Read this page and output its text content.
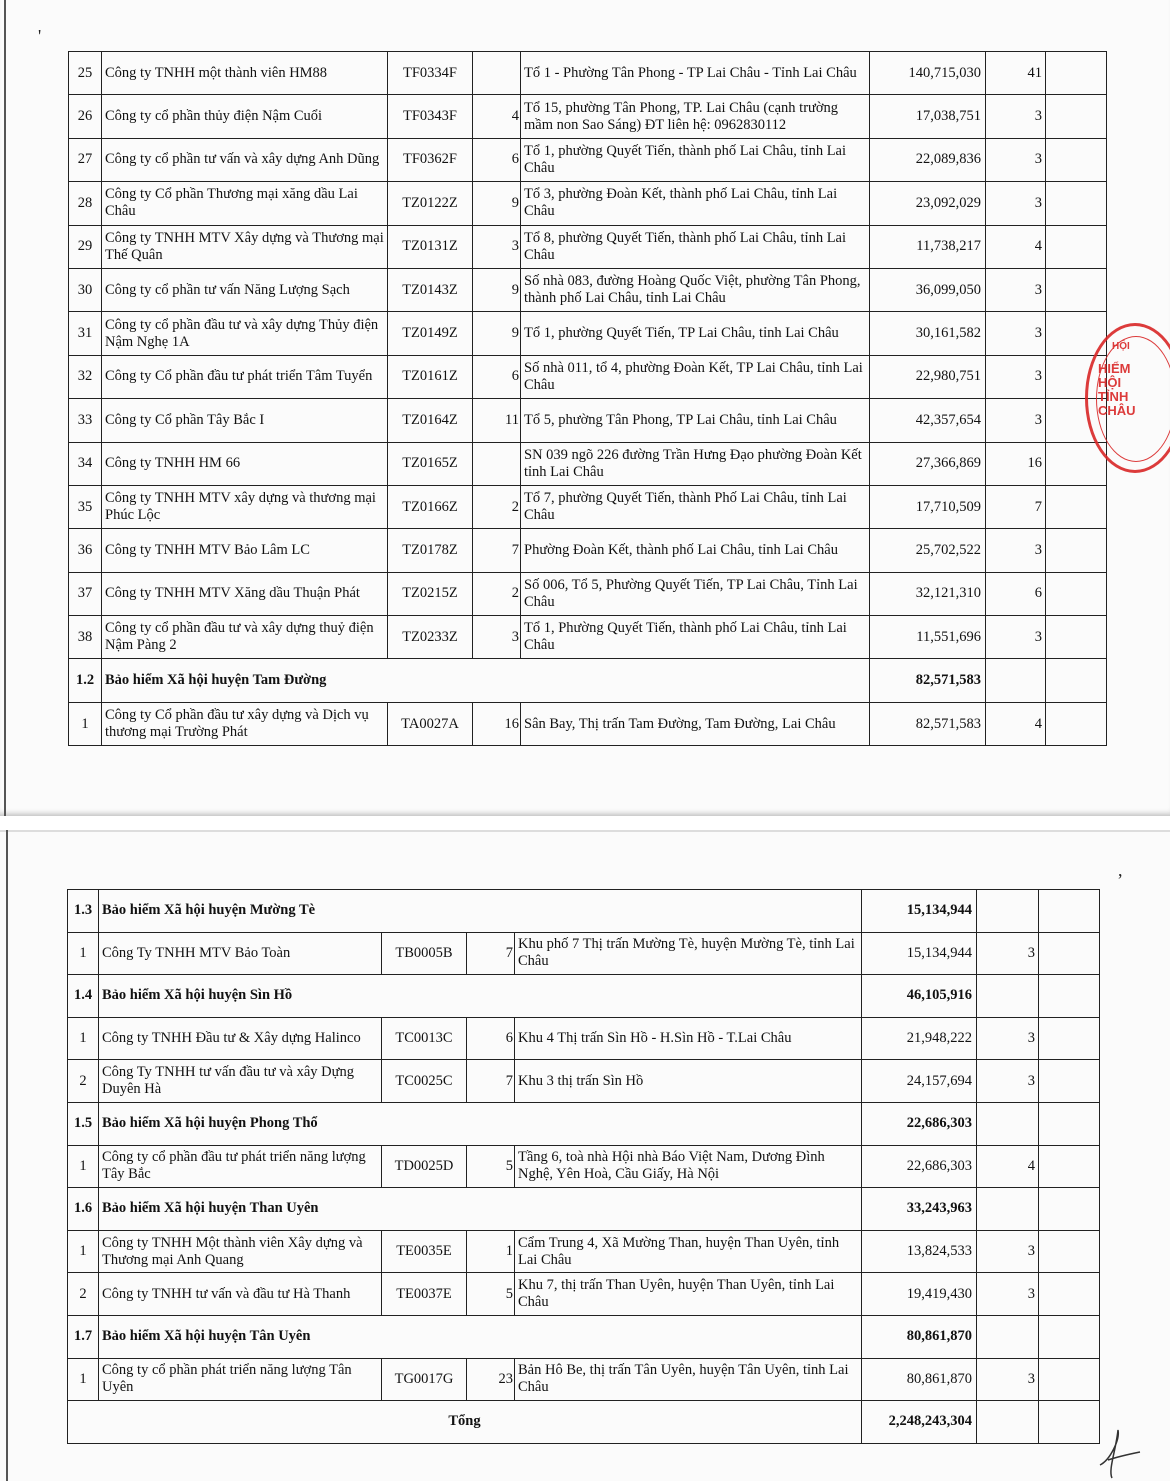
'
,
25	Công ty TNHH một thành viên HM88	TF0334F		Tổ 1 - Phường Tân Phong - TP Lai Châu - Tỉnh Lai Châu	140,715,030	41	
26	Công ty cổ phần thủy điện Nậm Cuổi	TF0343F	4	Tổ 15, phường Tân Phong, TP. Lai Châu (cạnh trường mầm non Sao Sáng) ĐT liên hệ: 0962830112	17,038,751	3	
27	Công ty cổ phần tư vấn và xây dựng Anh Dũng	TF0362F	6	Tổ 1, phường Quyết Tiến, thành phố Lai Châu, tỉnh Lai Châu	22,089,836	3	
28	Công ty Cổ phần Thương mại xăng dầu Lai Châu	TZ0122Z	9	Tổ 3, phường Đoàn Kết, thành phố Lai Châu, tỉnh Lai Châu	23,092,029	3	
29	Công ty TNHH MTV Xây dựng và Thương mại Thế Quân	TZ0131Z	3	Tổ 8, phường Quyết Tiến, thành phố Lai Châu, tỉnh Lai Châu	11,738,217	4	
30	Công ty cổ phần tư vấn Năng Lượng Sạch	TZ0143Z	9	Số nhà 083, đường Hoàng Quốc Việt, phường Tân Phong, thành phố Lai Châu, tỉnh Lai Châu	36,099,050	3	
31	Công ty cổ phần đầu tư và xây dựng Thủy điện Nậm Nghẹ 1A	TZ0149Z	9	Tổ 1, phường Quyết Tiến, TP Lai Châu, tỉnh Lai Châu	30,161,582	3	
32	Công ty Cổ phần đầu tư phát triển Tâm Tuyển	TZ0161Z	6	Số nhà 011, tổ 4, phường Đoàn Kết, TP Lai Châu, tỉnh Lai Châu	22,980,751	3	
33	Công ty Cổ phần Tây Bắc I	TZ0164Z	11	Tổ 5, phường Tân Phong, TP Lai Châu, tỉnh Lai Châu	42,357,654	3	
34	Công ty TNHH HM 66	TZ0165Z		SN 039 ngõ 226 đường Trần Hưng Đạo phường Đoàn Kết tỉnh Lai Châu	27,366,869	16	
35	Công ty TNHH MTV xây dựng và thương mại Phúc Lộc	TZ0166Z	2	Tổ 7, phường Quyết Tiến, thành Phố Lai Châu, tỉnh Lai Châu	17,710,509	7	
36	Công ty TNHH MTV Bảo Lâm LC	TZ0178Z	7	Phường Đoàn Kết, thành phố Lai Châu, tỉnh Lai Châu	25,702,522	3	
37	Công ty TNHH MTV Xăng dầu Thuận Phát	TZ0215Z	2	Số 006, Tổ 5, Phường Quyết Tiến, TP Lai Châu, Tỉnh Lai Châu	32,121,310	6	
38	Công ty cổ phần đầu tư và xây dựng thuỷ điện Nậm Pàng 2	TZ0233Z	3	Tổ 1, Phường Quyết Tiến, thành phố Lai Châu, tỉnh Lai Châu	11,551,696	3	
1.2	Bảo hiểm Xã hội huyện Tam Đường				82,571,583		
1	Công ty Cổ phần đầu tư xây dựng và Dịch vụ thương mại Trường Phát	TA0027A	16	Sân Bay, Thị trấn Tam Đường, Tam Đường, Lai Châu	82,571,583	4	
1.3	Bảo hiểm Xã hội huyện Mường Tè				15,134,944		
1	Công Ty TNHH MTV Bảo Toàn	TB0005B	7	Khu phố 7 Thị trấn Mường Tè, huyện Mường Tè, tỉnh Lai Châu	15,134,944	3	
1.4	Bảo hiểm Xã hội huyện Sìn Hồ				46,105,916		
1	Công ty TNHH Đầu tư & Xây dựng Halinco	TC0013C	6	Khu 4 Thị trấn Sìn Hồ - H.Sìn Hồ - T.Lai Châu	21,948,222	3	
2	Công Ty TNHH tư vấn đầu tư và xây Dựng Duyên Hà	TC0025C	7	Khu 3 thị trấn Sìn Hồ	24,157,694	3	
1.5	Bảo hiểm Xã hội huyện Phong Thổ				22,686,303		
1	Công ty cổ phần đầu tư phát triển năng lượng Tây Bắc	TD0025D	5	Tầng 6, toà nhà Hội nhà Báo Việt Nam, Dương Đình Nghệ, Yên Hoà, Cầu Giấy, Hà Nội	22,686,303	4	
1.6	Bảo hiểm Xã hội huyện Than Uyên				33,243,963		
1	Công ty TNHH Một thành viên Xây dựng và Thương mại Anh Quang	TE0035E	1	Cẩm Trung 4, Xã Mường Than, huyện Than Uyên, tỉnh Lai Châu	13,824,533	3	
2	Công ty TNHH tư vấn và đầu tư Hà Thanh	TE0037E	5	Khu 7, thị trấn Than Uyên, huyện Than Uyên, tỉnh Lai Châu	19,419,430	3	
1.7	Bảo hiểm Xã hội huyện Tân Uyên				80,861,870		
1	Công ty cổ phần phát triển năng lượng Tân Uyên	TG0017G	23	Bản Hô Be, thị trấn Tân Uyên, huyện Tân Uyên, tỉnh Lai Châu	80,861,870	3	
Tổng					2,248,243,304		
HỘI
HIỂM
HỘI
TỈNH
CHÂU
